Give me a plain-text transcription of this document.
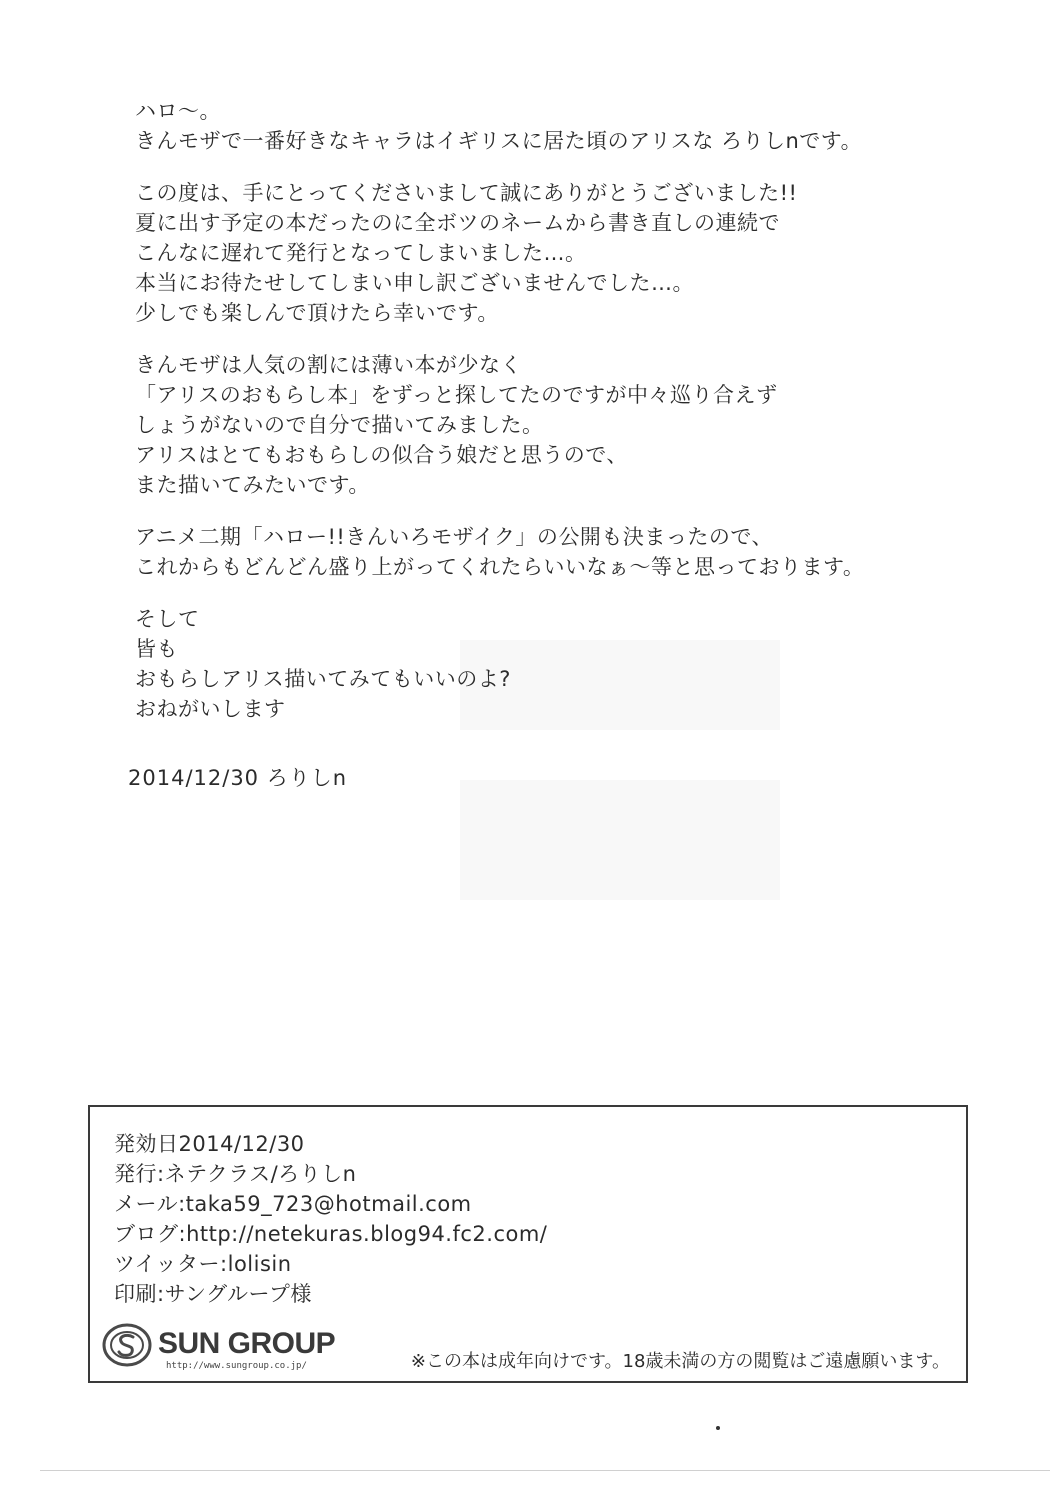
ハロ〜。
きんモザで一番好きなキャラはイギリスに居た頃のアリスな ろりしnです。
この度は、手にとってくださいまして誠にありがとうございました!!
夏に出す予定の本だったのに全ボツのネームから書き直しの連続で
こんなに遅れて発行となってしまいました…。
本当にお待たせしてしまい申し訳ございませんでした…。
少しでも楽しんで頂けたら幸いです。
きんモザは人気の割には薄い本が少なく
「アリスのおもらし本」をずっと探してたのですが中々巡り合えず
しょうがないので自分で描いてみました。
アリスはとてもおもらしの似合う娘だと思うので、
また描いてみたいです。
アニメ二期「ハロー!!きんいろモザイク」の公開も決まったので、
これからもどんどん盛り上がってくれたらいいなぁ〜等と思っております。
そして
皆も
おもらしアリス描いてみてもいいのよ?
おねがいします
2014/12/30 ろりしn
発効日2014/12/30
発行:ネテクラス/ろりしn
メール:taka59_723@hotmail.com
ブログ:http://netekuras.blog94.fc2.com/
ツイッター:lolisin
印刷:サングループ様
SUN GROUP
http://www.sungroup.co.jp/	※この本は成年向けです。18歳未満の方の閲覧はご遠慮願います。
